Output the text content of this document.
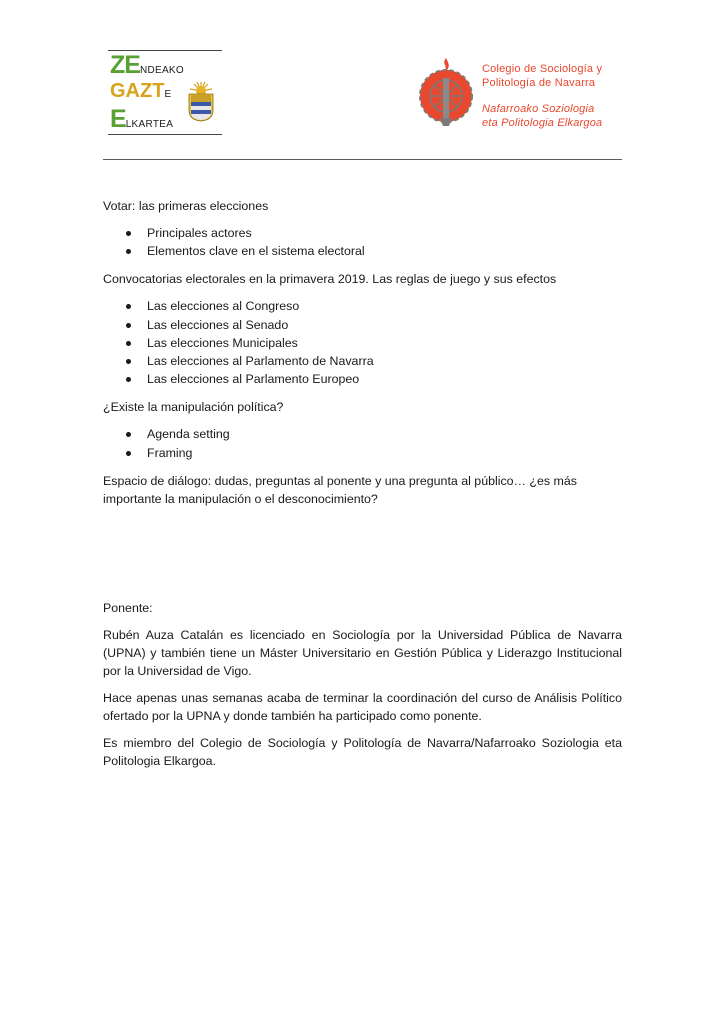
ZENDEAKO
GAZTE
ELKARTEA
Colegio de Sociología y
Politología de Navarra
Nafarroako Soziologia
eta Politologia Elkargoa

Votar: las primeras elecciones

Principales actores
Elementos clave en el sistema electoral

Convocatorias electorales en la primavera 2019. Las reglas de juego y sus efectos

Las elecciones al Congreso
Las elecciones al Senado
Las elecciones Municipales
Las elecciones al Parlamento de Navarra
Las elecciones al Parlamento Europeo

¿Existe la manipulación política?

Agenda setting
Framing

Espacio de diálogo: dudas, preguntas al ponente y una pregunta al público… ¿es más importante la manipulación o el desconocimiento?

Ponente:

Rubén Auza Catalán es licenciado en Sociología por la Universidad Pública de Navarra (UPNA) y también tiene un Máster Universitario en Gestión Pública y Liderazgo Institucional por la Universidad de Vigo.

Hace apenas unas semanas acaba de terminar la coordinación del curso de Análisis Político ofertado por la UPNA y donde también ha participado como ponente.

Es miembro del Colegio de Sociología y Politología de Navarra/Nafarroako Soziologia eta Politologia Elkargoa.
